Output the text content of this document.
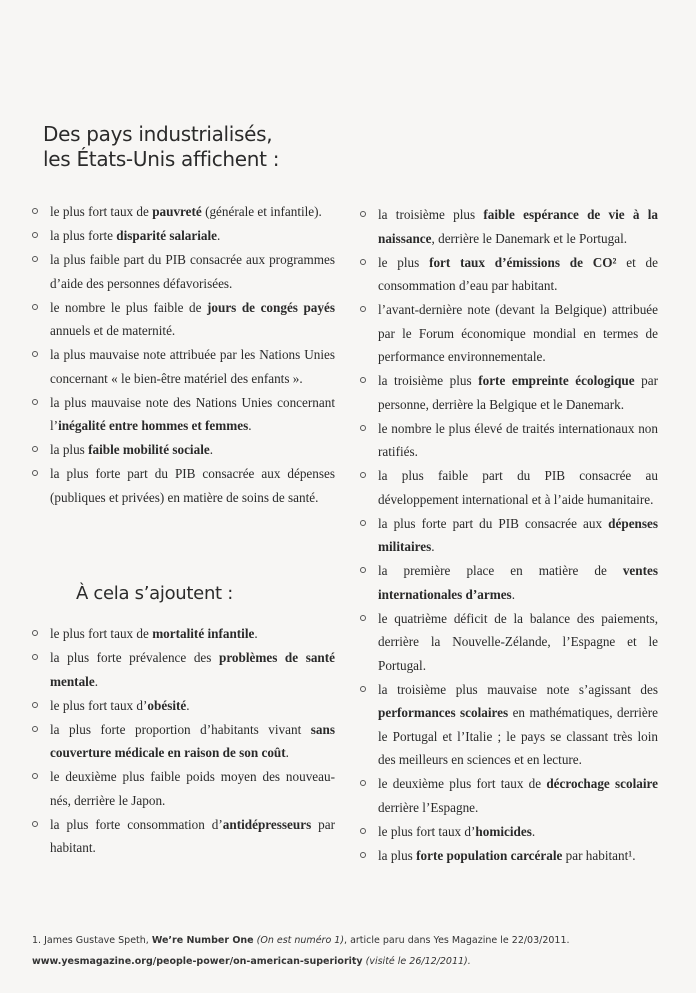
Des pays industrialisés,
les États-Unis affichent :
le plus fort taux de pauvreté (générale et infantile).
la plus forte disparité salariale.
la plus faible part du PIB consacrée aux programmes d’aide des personnes défavorisées.
le nombre le plus faible de jours de congés payés annuels et de maternité.
la plus mauvaise note attribuée par les Nations Unies concernant « le bien-être matériel des enfants ».
la plus mauvaise note des Nations Unies concernant l’inégalité entre hommes et femmes.
la plus faible mobilité sociale.
la plus forte part du PIB consacrée aux dépenses (publiques et privées) en matière de soins de santé.
À cela s’ajoutent :
le plus fort taux de mortalité infantile.
la plus forte prévalence des problèmes de santé mentale.
le plus fort taux d’obésité.
la plus forte proportion d’habitants vivant sans couverture médicale en raison de son coût.
le deuxième plus faible poids moyen des nouveau-nés, derrière le Japon.
la plus forte consommation d’antidépresseurs par habitant.
la troisième plus faible espérance de vie à la naissance, derrière le Danemark et le Portugal.
le plus fort taux d’émissions de CO² et de consommation d’eau par habitant.
l’avant-dernière note (devant la Belgique) attribuée par le Forum économique mondial en termes de performance environnementale.
la troisième plus forte empreinte écologique par personne, derrière la Belgique et le Danemark.
le nombre le plus élevé de traités internationaux non ratifiés.
la plus faible part du PIB consacrée au développement international et à l’aide humanitaire.
la plus forte part du PIB consacrée aux dépenses militaires.
la première place en matière de ventes internationales d’armes.
le quatrième déficit de la balance des paiements, derrière la Nouvelle-Zélande, l’Espagne et le Portugal.
la troisième plus mauvaise note s’agissant des performances scolaires en mathématiques, derrière le Portugal et l’Italie ; le pays se classant très loin des meilleurs en sciences et en lecture.
le deuxième plus fort taux de décrochage scolaire derrière l’Espagne.
le plus fort taux d’homicides.
la plus forte population carcérale par habitant¹.
1. James Gustave Speth, We’re Number One (On est numéro 1), article paru dans Yes Magazine le 22/03/2011.
www.yesmagazine.org/people-power/on-american-superiority (visité le 26/12/2011).
